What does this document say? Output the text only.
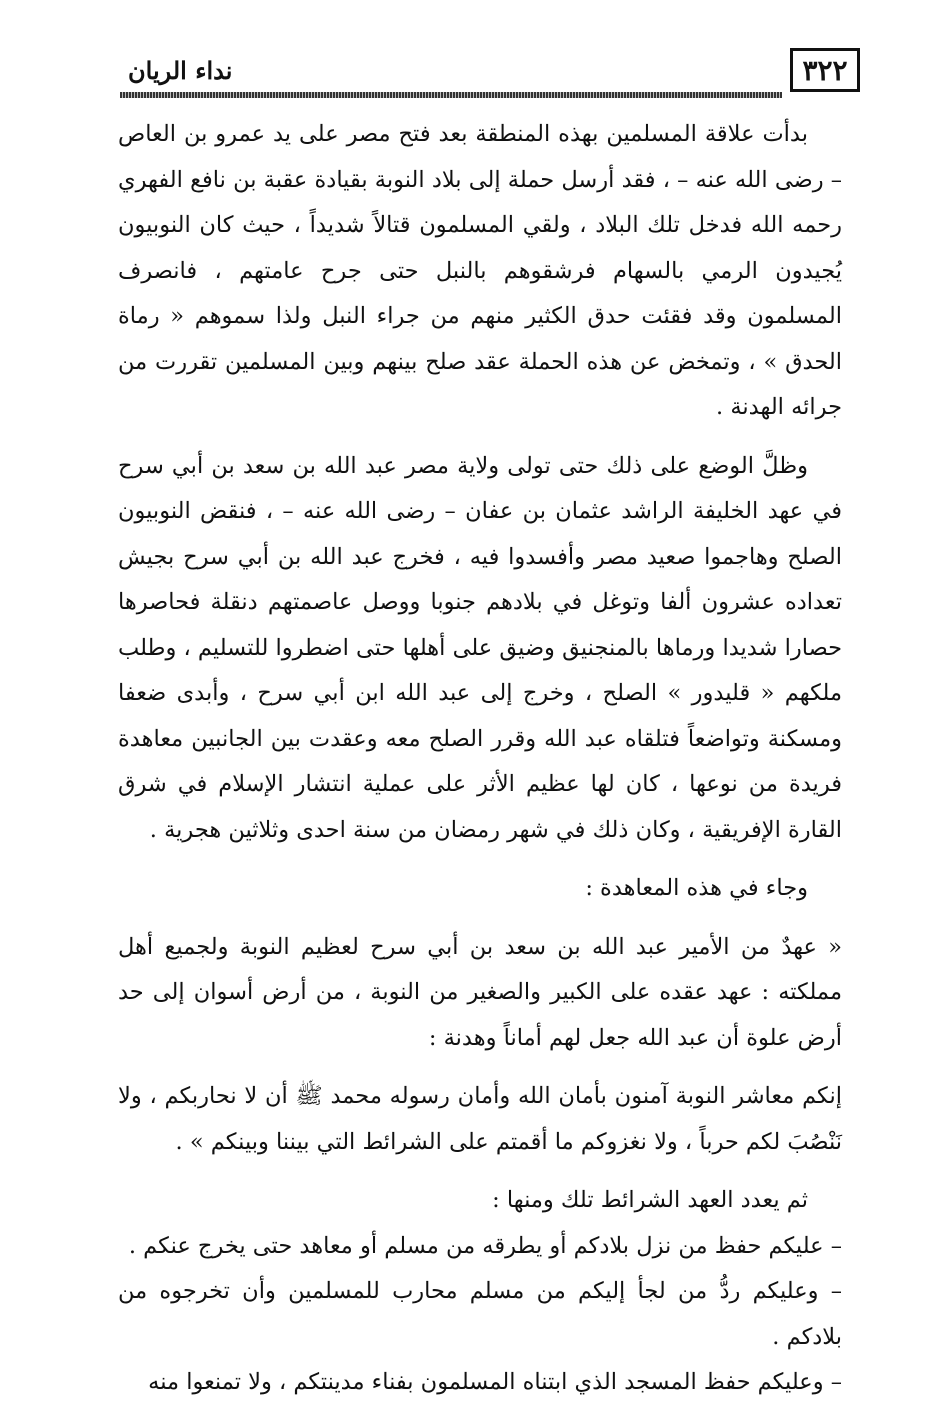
٣٢٢
نداء الريان

بدأت علاقة المسلمين بهذه المنطقة بعد فتح مصر على يد عمرو بن العاص – رضى الله عنه – ، فقد أرسل حملة إلى بلاد النوبة بقيادة عقبة بن نافع الفهري رحمه الله فدخل تلك البلاد ، ولقي المسلمون قتالاً شديداً ، حيث كان النوبيون يُجيدون الرمي بالسهام فرشقوهم بالنبل حتى جرح عامتهم ، فانصرف المسلمون وقد فقئت حدق الكثير منهم من جراء النبل ولذا سموهم « رماة الحدق » ، وتمخض عن هذه الحملة عقد صلح بينهم وبين المسلمين تقررت من جرائه الهدنة .

وظلَّ الوضع على ذلك حتى تولى ولاية مصر عبد الله بن سعد بن أبي سرح في عهد الخليفة الراشد عثمان بن عفان – رضى الله عنه – ، فنقض النوبيون الصلح وهاجموا صعيد مصر وأفسدوا فيه ، فخرج عبد الله بن أبي سرح بجيش تعداده عشرون ألفا وتوغل في بلادهم جنوبا ووصل عاصمتهم دنقلة فحاصرها حصارا شديدا ورماها بالمنجنيق وضيق على أهلها حتى اضطروا للتسليم ، وطلب ملكهم « قليدور » الصلح ، وخرج إلى عبد الله ابن أبي سرح ، وأبدى ضعفا ومسكنة وتواضعاً فتلقاه عبد الله وقرر الصلح معه وعقدت بين الجانبين معاهدة فريدة من نوعها ، كان لها عظيم الأثر على عملية انتشار الإسلام في شرق القارة الإفريقية ، وكان ذلك في شهر رمضان من سنة احدى وثلاثين هجرية .

وجاء في هذه المعاهدة :

« عهدٌ من الأمير عبد الله بن سعد بن أبي سرح لعظيم النوبة ولجميع أهل مملكته : عهد عقده على الكبير والصغير من النوبة ، من أرض أسوان إلى حد أرض علوة أن عبد الله جعل لهم أماناً وهدنة :

إنكم معاشر النوبة آمنون بأمان الله وأمان رسوله محمد ﷺ أن لا نحاربكم ، ولا نَنْصُبَ لكم حرباً ، ولا نغزوكم ما أقمتم على الشرائط التي بيننا وبينكم » .

ثم يعدد العهد الشرائط تلك ومنها :

– عليكم حفظ من نزل بلادكم أو يطرقه من مسلم أو معاهد حتى يخرج عنكم .

– وعليكم ردُّ من لجأ إليكم من مسلم محارب للمسلمين وأن تخرجوه من بلادكم .

– وعليكم حفظ المسجد الذي ابتناه المسلمون بفناء مدينتكم ، ولا تمنعوا منه
